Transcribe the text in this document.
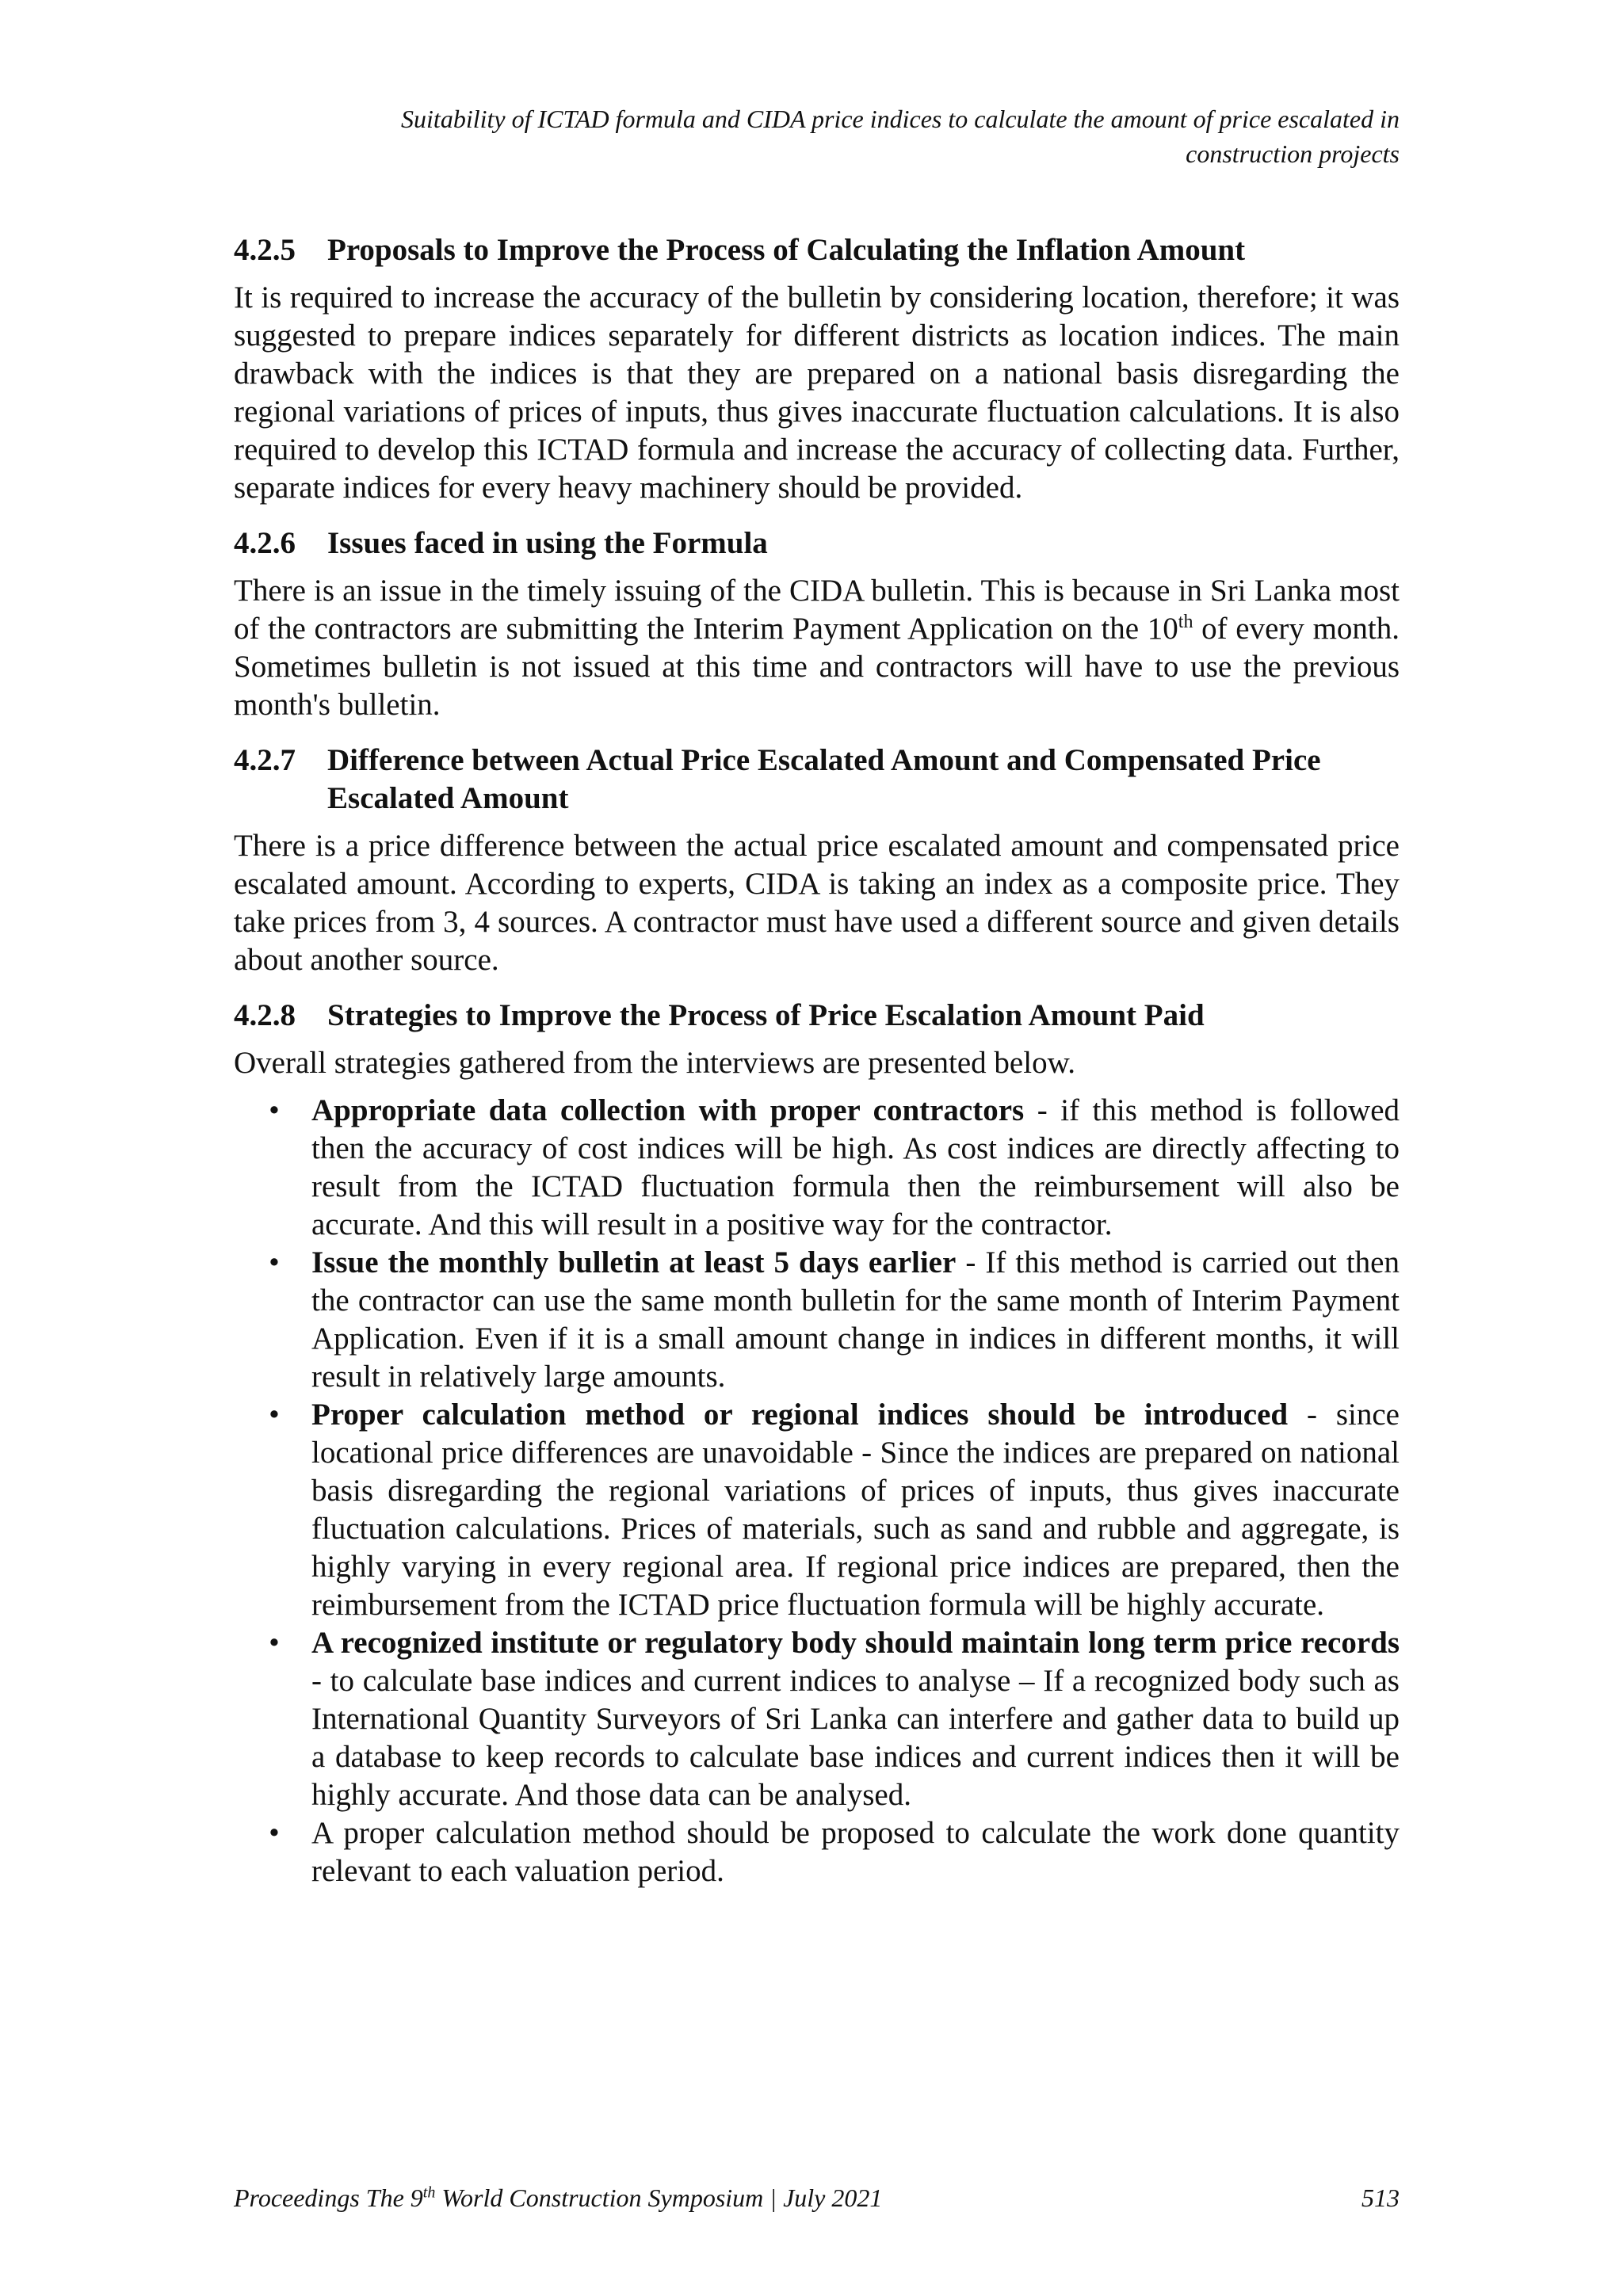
Suitability of ICTAD formula and CIDA price indices to calculate the amount of price escalated in
construction projects
4.2.5	Proposals to Improve the Process of Calculating the Inflation Amount

It is required to increase the accuracy of the bulletin by considering location, therefore; it was suggested to prepare indices separately for different districts as location indices. The main drawback with the indices is that they are prepared on a national basis disregarding the regional variations of prices of inputs, thus gives inaccurate fluctuation calculations. It is also required to develop this ICTAD formula and increase the accuracy of collecting data. Further, separate indices for every heavy machinery should be provided.

4.2.6	Issues faced in using the Formula

There is an issue in the timely issuing of the CIDA bulletin. This is because in Sri Lanka most of the contractors are submitting the Interim Payment Application on the 10th of every month. Sometimes bulletin is not issued at this time and contractors will have to use the previous month's bulletin.

4.2.7	Difference between Actual Price Escalated Amount and Compensated Price Escalated Amount

There is a price difference between the actual price escalated amount and compensated price escalated amount. According to experts, CIDA is taking an index as a composite price. They take prices from 3, 4 sources. A contractor must have used a different source and given details about another source.

4.2.8	Strategies to Improve the Process of Price Escalation Amount Paid

Overall strategies gathered from the interviews are presented below.

• Appropriate data collection with proper contractors - if this method is followed then the accuracy of cost indices will be high. As cost indices are directly affecting to result from the ICTAD fluctuation formula then the reimbursement will also be accurate. And this will result in a positive way for the contractor.
• Issue the monthly bulletin at least 5 days earlier - If this method is carried out then the contractor can use the same month bulletin for the same month of Interim Payment Application. Even if it is a small amount change in indices in different months, it will result in relatively large amounts.
• Proper calculation method or regional indices should be introduced - since locational price differences are unavoidable - Since the indices are prepared on national basis disregarding the regional variations of prices of inputs, thus gives inaccurate fluctuation calculations. Prices of materials, such as sand and rubble and aggregate, is highly varying in every regional area. If regional price indices are prepared, then the reimbursement from the ICTAD price fluctuation formula will be highly accurate.
• A recognized institute or regulatory body should maintain long term price records - to calculate base indices and current indices to analyse – If a recognized body such as International Quantity Surveyors of Sri Lanka can interfere and gather data to build up a database to keep records to calculate base indices and current indices then it will be highly accurate. And those data can be analysed.
• A proper calculation method should be proposed to calculate the work done quantity relevant to each valuation period.
Proceedings The 9th World Construction Symposium | July 2021	513
